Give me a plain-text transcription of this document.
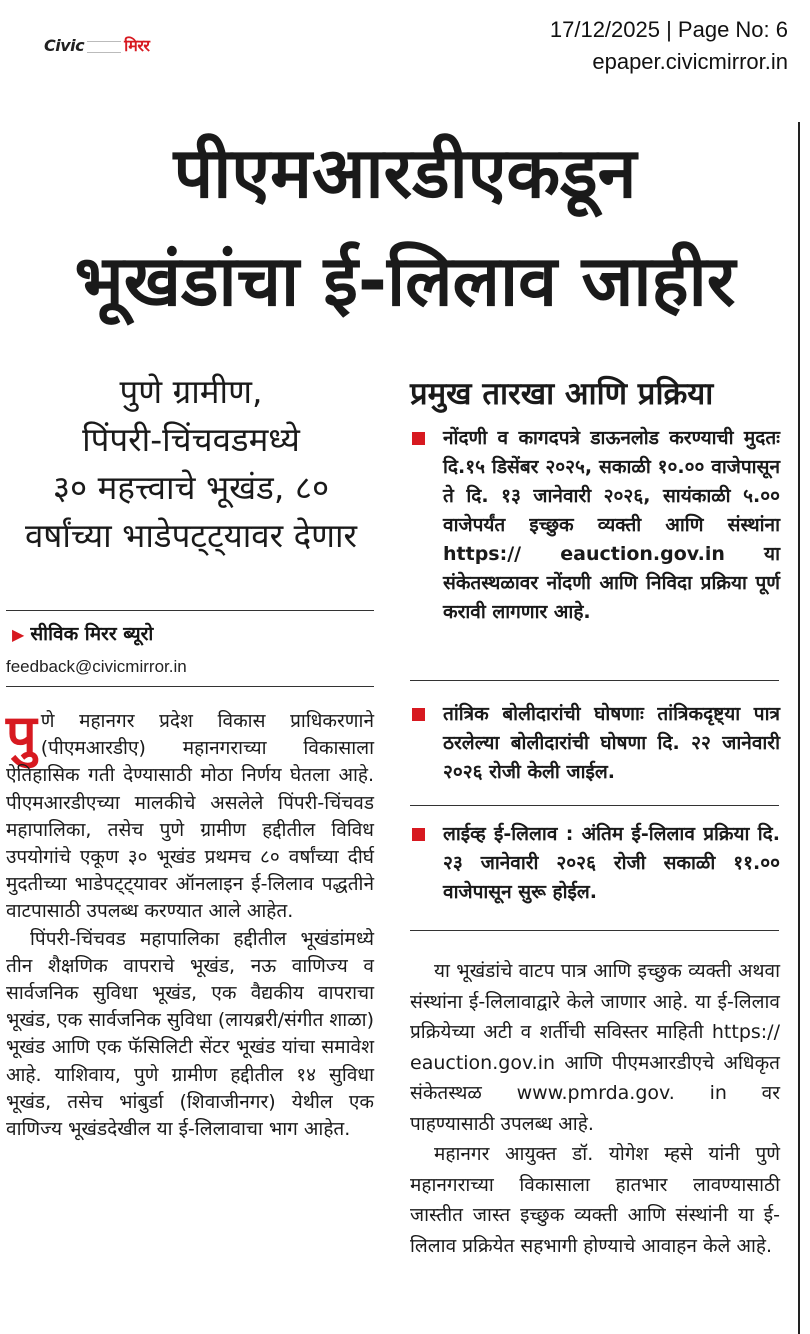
Civic	मिरर
17/12/2025 | Page No: 6
epaper.civicmirror.in
पीएमआरडीएकडून
भूखंडांचा ई-लिलाव जाहीर
पुणे ग्रामीण,
पिंपरी-चिंचवडमध्ये
३० महत्त्वाचे भूखंड, ८०
वर्षांच्या भाडेपट्ट्यावर देणार
▶ सीविक मिरर ब्यूरो
feedback@civicmirror.in

पुणे महानगर प्रदेश विकास प्राधिकरणाने (पीएमआरडीए) महानगराच्या विकासाला ऐतिहासिक गती देण्यासाठी मोठा निर्णय घेतला आहे. पीएमआरडीएच्या मालकीचे असलेले पिंपरी-चिंचवड महापालिका, तसेच पुणे ग्रामीण हद्दीतील विविध उपयोगांचे एकूण ३० भूखंड प्रथमच ८० वर्षांच्या दीर्घ मुदतीच्या भाडेपट्ट्यावर ऑनलाइन ई-लिलाव पद्धतीने वाटपासाठी उपलब्ध करण्यात आले आहेत.

पिंपरी-चिंचवड महापालिका हद्दीतील भूखंडांमध्ये तीन शैक्षणिक वापराचे भूखंड, नऊ वाणिज्य व सार्वजनिक सुविधा भूखंड, एक वैद्यकीय वापराचा भूखंड, एक सार्वजनिक सुविधा (लायब्ररी/संगीत शाळा) भूखंड आणि एक फॅसिलिटी सेंटर भूखंड यांचा समावेश आहे. याशिवाय, पुणे ग्रामीण हद्दीतील १४ सुविधा भूखंड, तसेच भांबुर्डा (शिवाजीनगर) येथील एक वाणिज्य भूखंडदेखील या ई-लिलावाचा भाग आहेत.

प्रमुख तारखा आणि प्रक्रिया
नोंदणी व कागदपत्रे डाऊनलोड करण्याची मुदतः दि.१५ डिसेंबर २०२५, सकाळी १०.०० वाजेपासून ते दि. १३ जानेवारी २०२६, सायंकाळी ५.०० वाजेपर्यंत इच्छुक व्यक्ती आणि संस्थांना https:// eauction.gov.in या संकेतस्थळावर नोंदणी आणि निविदा प्रक्रिया पूर्ण करावी लागणार आहे.
तांत्रिक बोलीदारांची घोषणाः तांत्रिकदृष्ट्या पात्र ठरलेल्या बोलीदारांची घोषणा दि. २२ जानेवारी २०२६ रोजी केली जाईल.
लाईव्ह ई-लिलाव : अंतिम ई-लिलाव प्रक्रिया दि. २३ जानेवारी २०२६ रोजी सकाळी ११.०० वाजेपासून सुरू होईल.

या भूखंडांचे वाटप पात्र आणि इच्छुक व्यक्ती अथवा संस्थांना ई-लिलावाद्वारे केले जाणार आहे. या ई-लिलाव प्रक्रियेच्या अटी व शर्तीची सविस्तर माहिती https:// eauction.gov.in आणि पीएमआरडीएचे अधिकृत संकेतस्थळ www.pmrda.gov. in वर पाहण्यासाठी उपलब्ध आहे.

महानगर आयुक्त डॉ. योगेश म्हसे यांनी पुणे महानगराच्या विकासाला हातभार लावण्यासाठी जास्तीत जास्त इच्छुक व्यक्ती आणि संस्थांनी या ई-लिलाव प्रक्रियेत सहभागी होण्याचे आवाहन केले आहे.
